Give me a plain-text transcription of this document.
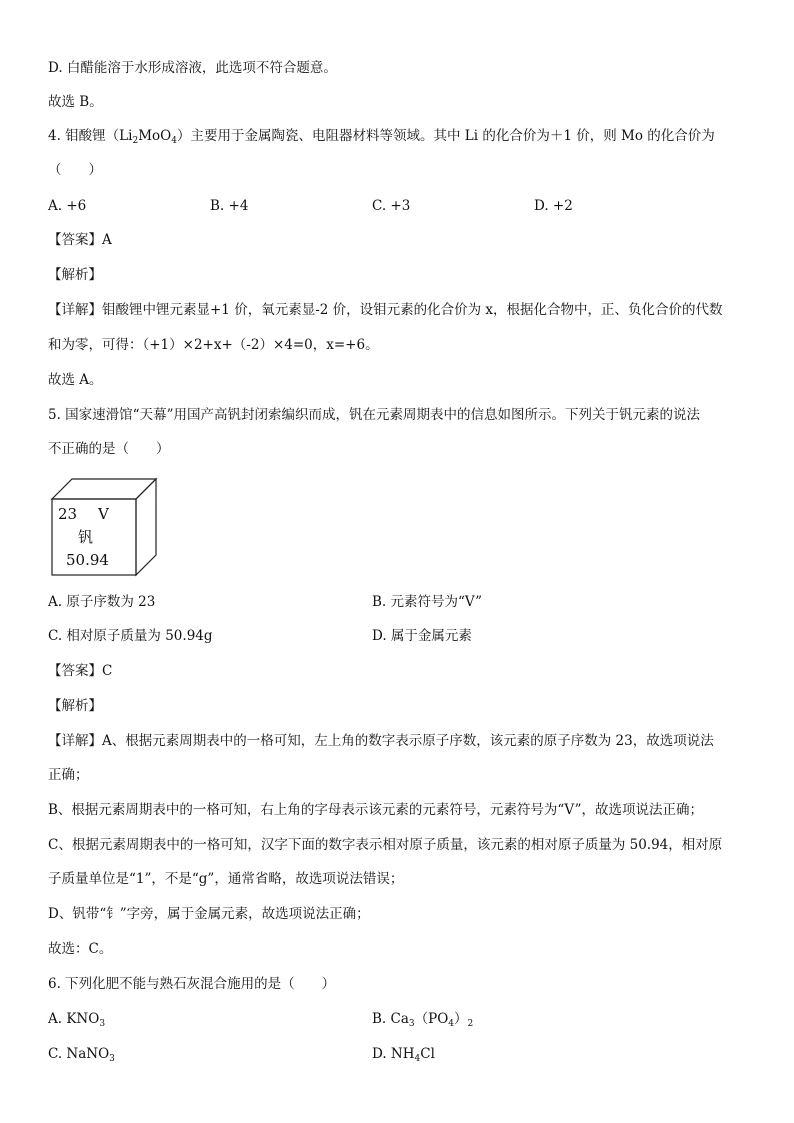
D. 白醋能溶于水形成溶液，此选项不符合题意。
故选 B。
4. 钼酸锂$(Li_2MoO_4)$主要用于金属陶瓷、电阻器材料等领域。其中 Li 的化合价为＋1 价，则 Mo 的化合价为
（　　）
A. +6	B. +4	C. +3	D. +2
【答案】A
【解析】
【详解】钼酸锂中锂元素显+1 价，氧元素显-2 价，设钼元素的化合价为 x，根据化合物中，正、负化合价的代数
和为零，可得：（+1）×2+x+（-2）×4=0，x=+6。
故选 A。
5. 国家速滑馆“天幕”用国产高钒封闭索编织而成，钒在元素周期表中的信息如图所示。下列关于钒元素的说法
不正确的是（　　）
23 V
钒
50.94
A. 原子序数为 23	B. 元素符号为“V”
C. 相对原子质量为 50.94g	D. 属于金属元素
【答案】C
【解析】
【详解】A、根据元素周期表中的一格可知，左上角的数字表示原子序数，该元素的原子序数为 23，故选项说法
正确；
B、根据元素周期表中的一格可知，右上角的字母表示该元素的元素符号，元素符号为“V”，故选项说法正确；
C、根据元素周期表中的一格可知，汉字下面的数字表示相对原子质量，该元素的相对原子质量为 50.94，相对原
子质量单位是“1”，不是“g”，通常省略，故选项说法错误；
D、钒带“钅”字旁，属于金属元素，故选项说法正确；
故选：C。
6. 下列化肥不能与熟石灰混合施用的是（　　）
A. $KNO_3$	B. $Ca_3(PO_4)_2$
C. NaNO$_3$	D. $NH_4Cl$
